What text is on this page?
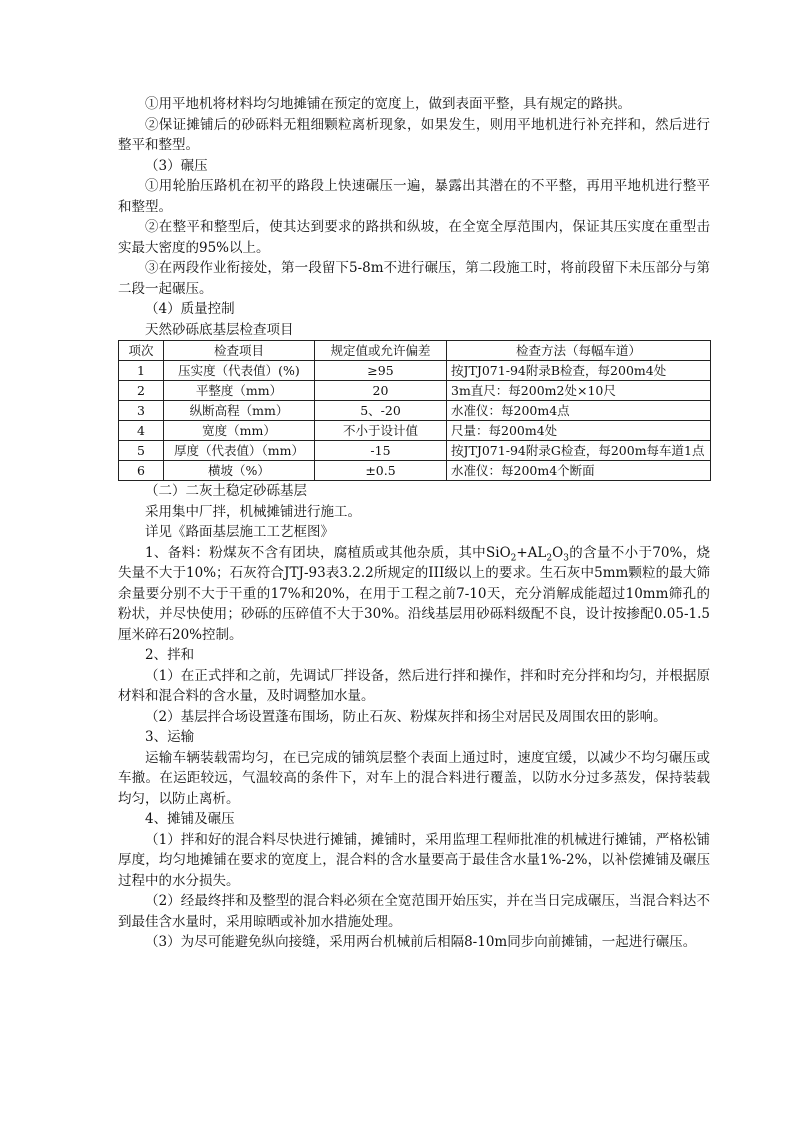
①用平地机将材料均匀地摊铺在预定的宽度上，做到表面平整，具有规定的路拱。

②保证摊铺后的砂砾料无粗细颗粒离析现象，如果发生，则用平地机进行补充拌和，然后进行整平和整型。

（3）碾压

①用轮胎压路机在初平的路段上快速碾压一遍，暴露出其潜在的不平整，再用平地机进行整平和整型。

②在整平和整型后，使其达到要求的路拱和纵坡，在全宽全厚范围内，保证其压实度在重型击实最大密度的95%以上。

③在两段作业衔接处，第一段留下5-8m不进行碾压，第二段施工时，将前段留下未压部分与第二段一起碾压。

（4）质量控制

天然砂砾底基层检查项目

项次	检查项目	规定值或允许偏差	检查方法（每幅车道）
1	压实度（代表值）(%)	≥95	按JTJ071-94附录B检查，每200m4处
2	平整度（mm）	20	3m直尺：每200m2处×10尺
3	纵断高程（mm）	5、-20	水准仪：每200m4点
4	宽度（mm）	不小于设计值	尺量：每200m4处
5	厚度（代表值）（mm）	-15	按JTJ071-94附录G检查，每200m每车道1点
6	横坡（%）	±0.5	水准仪：每200m4个断面

（二）二灰土稳定砂砾基层

采用集中厂拌，机械摊铺进行施工。

详见《路面基层施工工艺框图》

1、备料：粉煤灰不含有团块，腐植质或其他杂质，其中$SiO_2+AL_2O_3$的含量不小于70%，烧失量不大于10%；石灰符合JTJ-93表3.2.2所规定的III级以上的要求。生石灰中5mm颗粒的最大筛余量要分别不大于干重的17%和20%，在用于工程之前7-10天，充分消解成能超过10mm筛孔的粉状，并尽快使用；砂砾的压碎值不大于30%。沿线基层用砂砾料级配不良，设计按掺配0.05-1.5厘米碎石20%控制。

2、拌和

（1）在正式拌和之前，先调试厂拌设备，然后进行拌和操作，拌和时充分拌和均匀，并根据原材料和混合料的含水量，及时调整加水量。

（2）基层拌合场设置蓬布围场，防止石灰、粉煤灰拌和扬尘对居民及周围农田的影响。

3、运输

运输车辆装载需均匀，在已完成的铺筑层整个表面上通过时，速度宜缓，以减少不均匀碾压或车撤。在运距较远，气温较高的条件下，对车上的混合料进行覆盖，以防水分过多蒸发，保持装载均匀，以防止离析。

4、摊铺及碾压

（1）拌和好的混合料尽快进行摊铺，摊铺时，采用监理工程师批准的机械进行摊铺，严格松铺厚度，均匀地摊铺在要求的宽度上，混合料的含水量要高于最佳含水量1%-2%，以补偿摊铺及碾压过程中的水分损失。

（2）经最终拌和及整型的混合料必须在全宽范围开始压实，并在当日完成碾压，当混合料达不到最佳含水量时，采用晾晒或补加水措施处理。

（3）为尽可能避免纵向接缝，采用两台机械前后相隔8-10m同步向前摊铺，一起进行碾压。
